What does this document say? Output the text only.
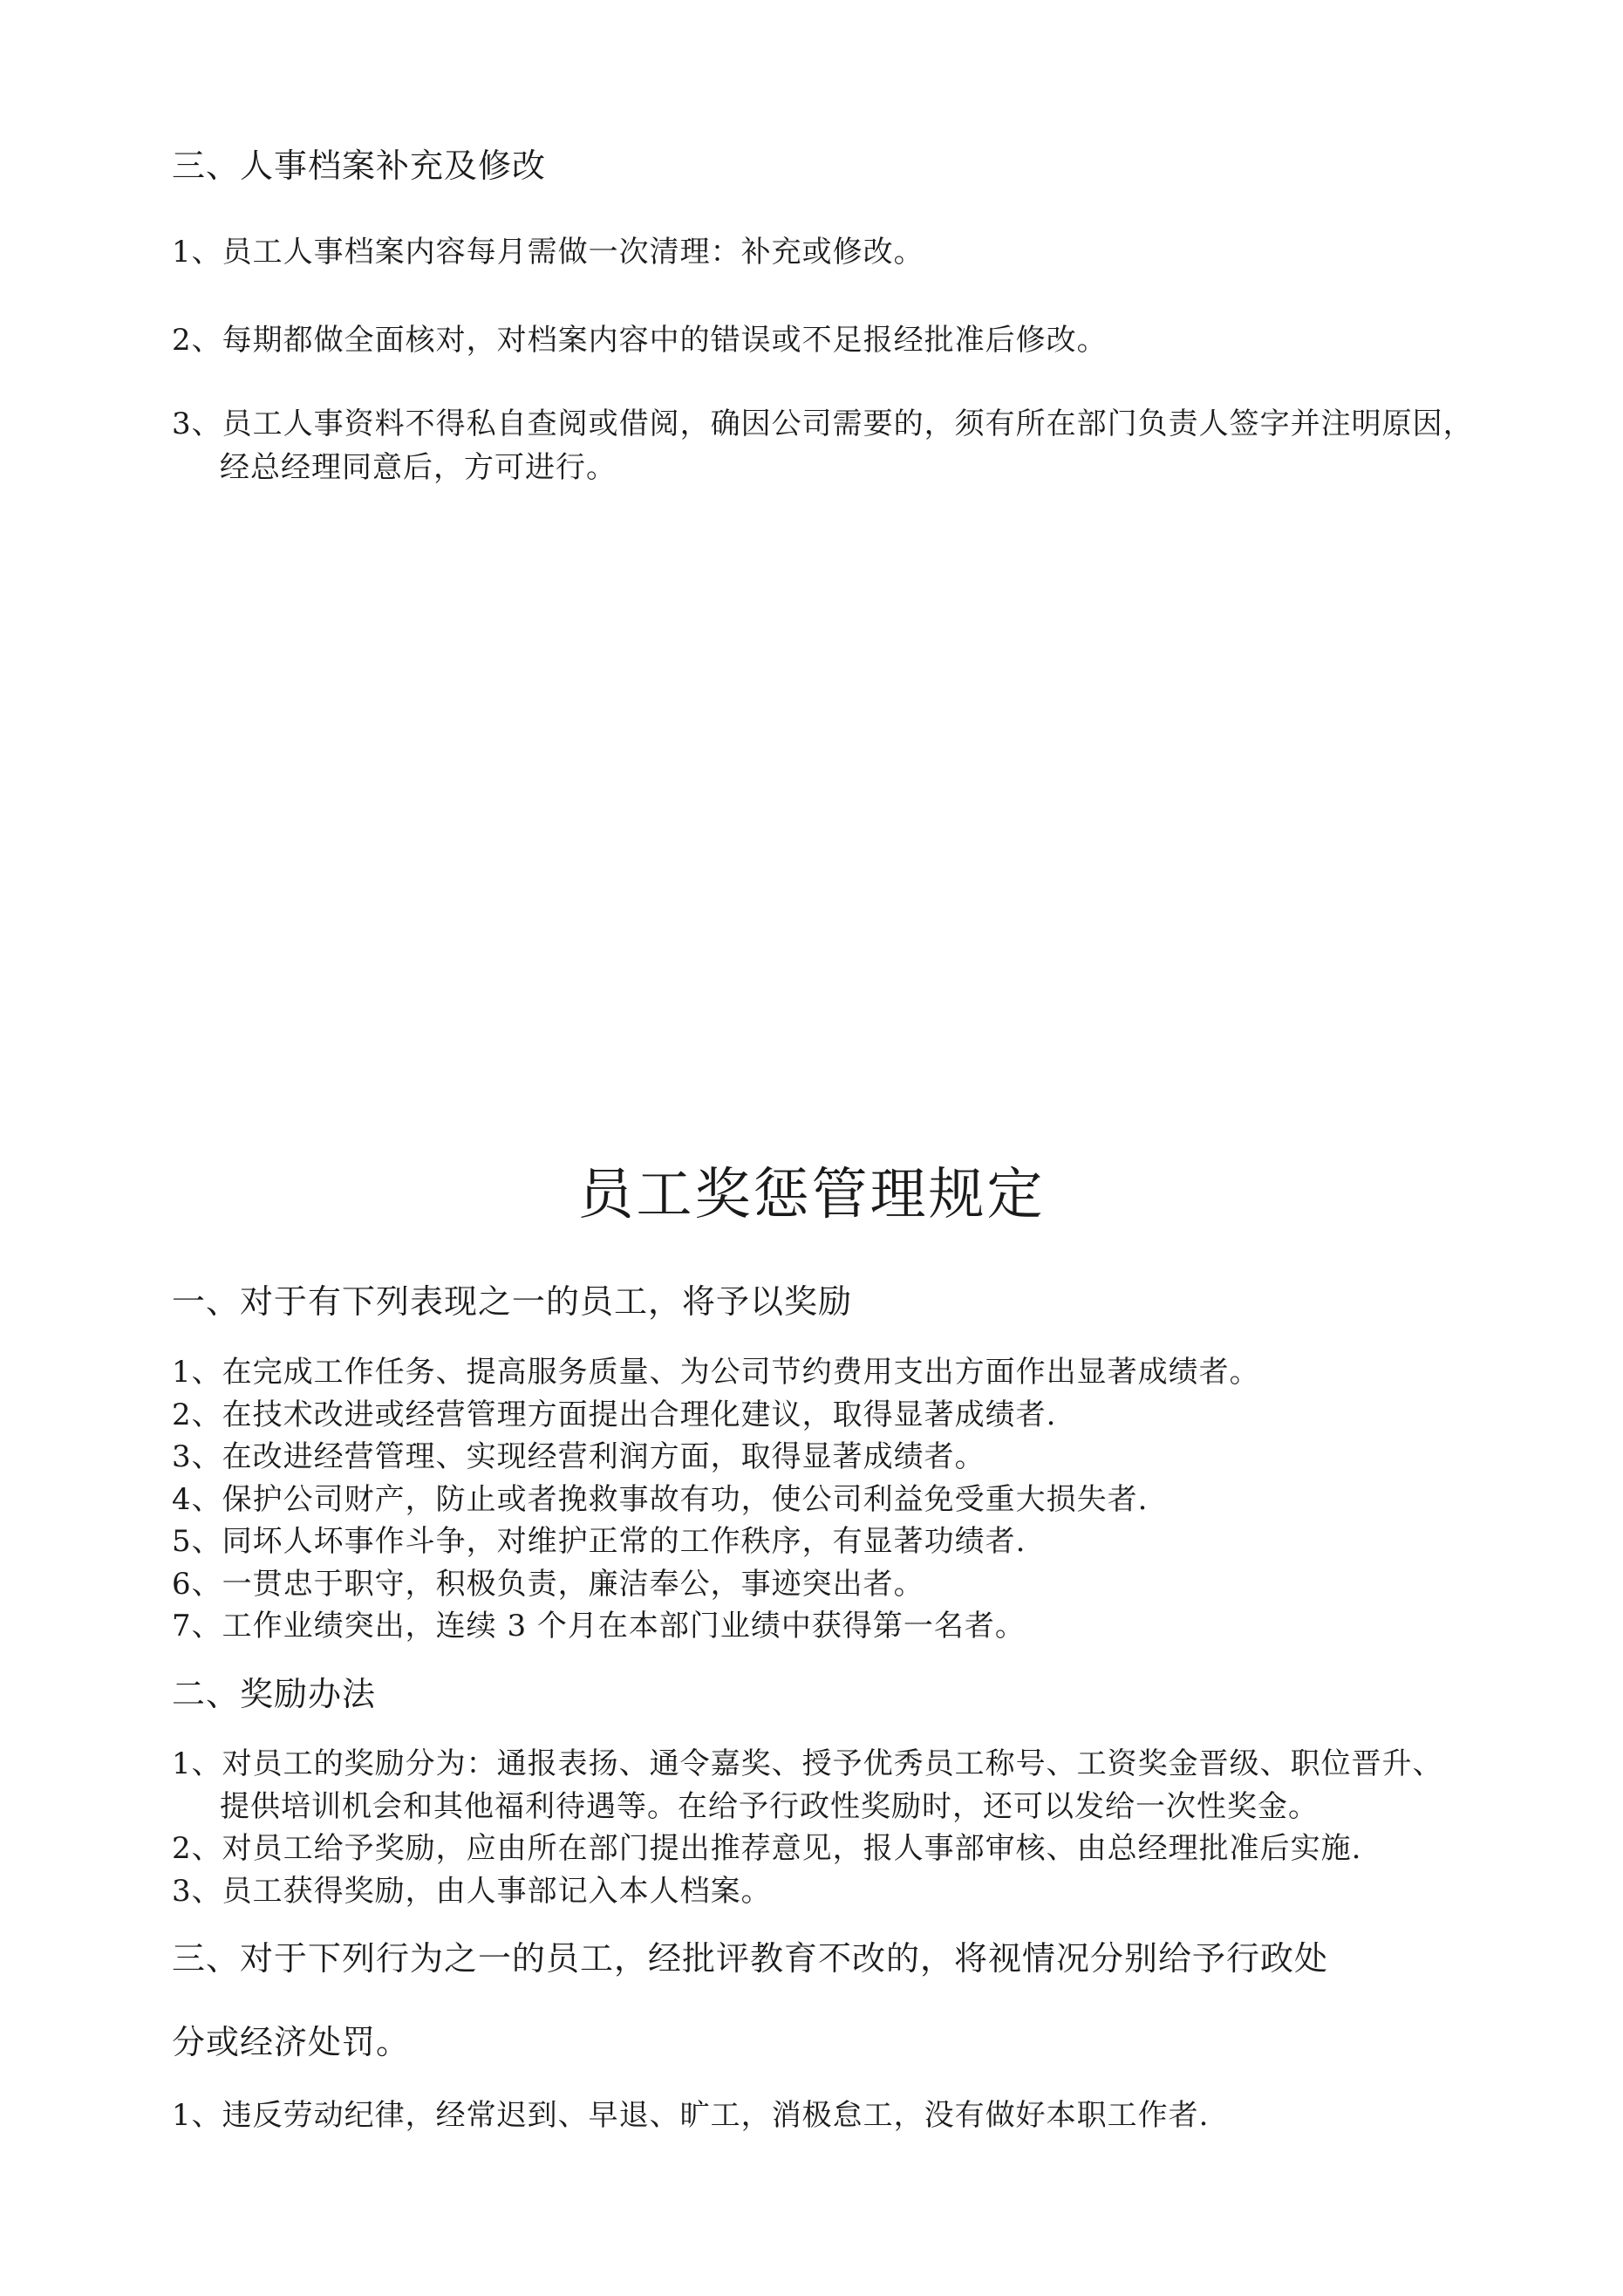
三、人事档案补充及修改
1、员工人事档案内容每月需做一次清理：补充或修改。
2、每期都做全面核对，对档案内容中的错误或不足报经批准后修改。
3、员工人事资料不得私自查阅或借阅，确因公司需要的，须有所在部门负责人签字并注明原因，
经总经理同意后，方可进行。
员工奖惩管理规定
一、对于有下列表现之一的员工，将予以奖励
1、在完成工作任务、提高服务质量、为公司节约费用支出方面作出显著成绩者。
2、在技术改进或经营管理方面提出合理化建议，取得显著成绩者.
3、在改进经营管理、实现经营利润方面，取得显著成绩者。
4、保护公司财产，防止或者挽救事故有功，使公司利益免受重大损失者.
5、同坏人坏事作斗争，对维护正常的工作秩序，有显著功绩者.
6、一贯忠于职守，积极负责，廉洁奉公，事迹突出者。
7、工作业绩突出，连续 3 个月在本部门业绩中获得第一名者。
二、奖励办法
1、对员工的奖励分为：通报表扬、通令嘉奖、授予优秀员工称号、工资奖金晋级、职位晋升、
提供培训机会和其他福利待遇等。在给予行政性奖励时，还可以发给一次性奖金。
2、对员工给予奖励，应由所在部门提出推荐意见，报人事部审核、由总经理批准后实施.
3、员工获得奖励，由人事部记入本人档案。
三、对于下列行为之一的员工，经批评教育不改的，将视情况分别给予行政处
分或经济处罚。
1、违反劳动纪律，经常迟到、早退、旷工，消极怠工，没有做好本职工作者.
